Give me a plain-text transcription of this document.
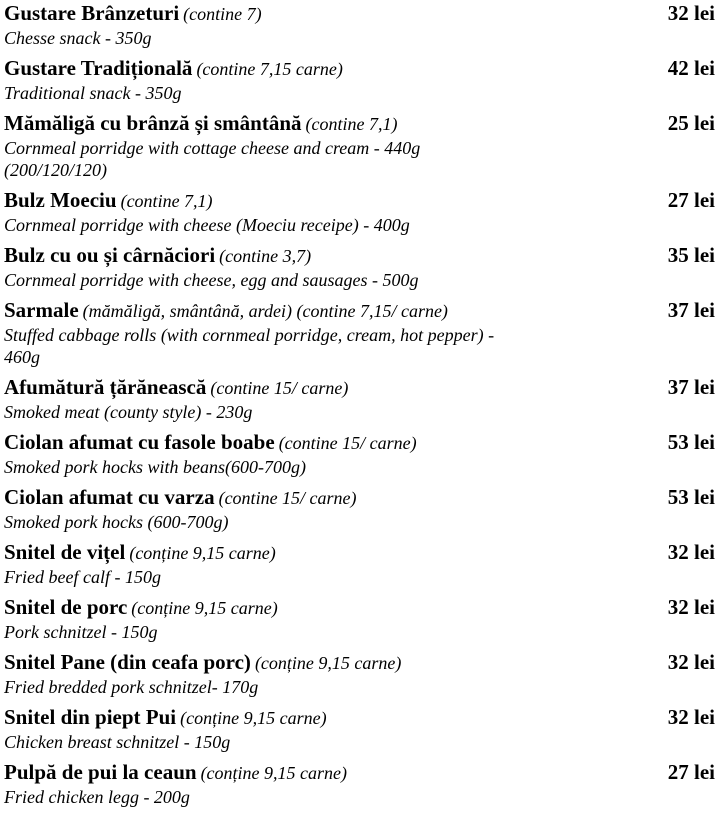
Gustare Brânzeturi (contine 7)	32 lei
Chesse snack - 350g
Gustare Tradițională (contine 7,15 carne)	42 lei
Traditional snack - 350g
Mămăligă cu brânză și smântână (contine 7,1)	25 lei
Cornmeal porridge with cottage cheese and cream - 440g (200/120/120)
Bulz Moeciu (contine 7,1)	27 lei
Cornmeal porridge with cheese (Moeciu receipe) - 400g
Bulz cu ou și cârnăciori (contine 3,7)	35 lei
Cornmeal porridge with cheese, egg and sausages - 500g
Sarmale (mămăligă, smântână, ardei) (contine 7,15/ carne)	37 lei
Stuffed cabbage rolls (with cornmeal porridge, cream, hot pepper) - 460g
Afumătură țărănească (contine 15/ carne)	37 lei
Smoked meat (county style) - 230g
Ciolan afumat cu fasole boabe (contine 15/ carne)	53 lei
Smoked pork hocks with beans(600-700g)
Ciolan afumat cu varza (contine 15/ carne)	53 lei
Smoked pork hocks (600-700g)
Snitel de vițel (conține 9,15 carne)	32 lei
Fried beef calf - 150g
Snitel de porc (conține 9,15 carne)	32 lei
Pork schnitzel - 150g
Snitel Pane (din ceafa porc) (conține 9,15 carne)	32 lei
Fried bredded pork schnitzel- 170g
Snitel din piept Pui (conține 9,15 carne)	32 lei
Chicken breast schnitzel - 150g
Pulpă de pui la ceaun (conține 9,15 carne)	27 lei
Fried chicken legg - 200g
